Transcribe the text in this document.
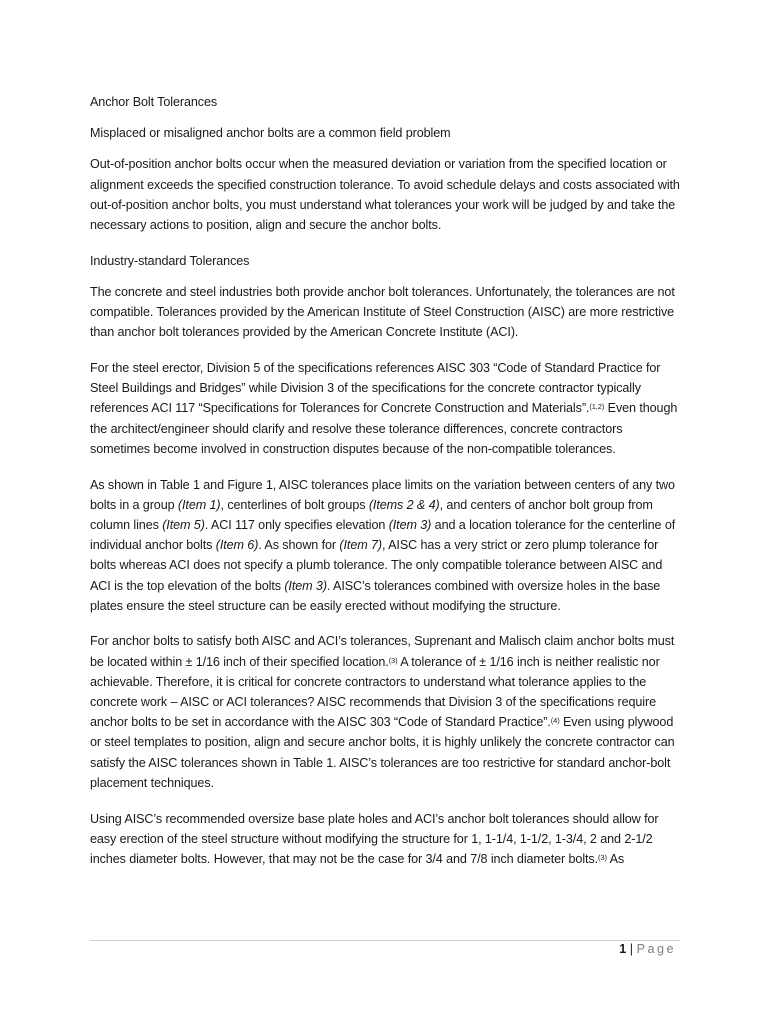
Anchor Bolt Tolerances

Misplaced or misaligned anchor bolts are a common field problem

Out-of-position anchor bolts occur when the measured deviation or variation from the specified location or alignment exceeds the specified construction tolerance. To avoid schedule delays and costs associated with out-of-position anchor bolts, you must understand what tolerances your work will be judged by and take the necessary actions to position, align and secure the anchor bolts.

Industry-standard Tolerances

The concrete and steel industries both provide anchor bolt tolerances. Unfortunately, the tolerances are not compatible. Tolerances provided by the American Institute of Steel Construction (AISC) are more restrictive than anchor bolt tolerances provided by the American Concrete Institute (ACI).

For the steel erector, Division 5 of the specifications references AISC 303 “Code of Standard Practice for Steel Buildings and Bridges” while Division 3 of the specifications for the concrete contractor typically references ACI 117 “Specifications for Tolerances for Concrete Construction and Materials”.$^{(1,2)}$ Even though the architect/engineer should clarify and resolve these tolerance differences, concrete contractors sometimes become involved in construction disputes because of the non-compatible tolerances.

As shown in Table 1 and Figure 1, AISC tolerances place limits on the variation between centers of any two bolts in a group (Item 1), centerlines of bolt groups (Items 2 & 4), and centers of anchor bolt group from column lines (Item 5). ACI 117 only specifies elevation (Item 3) and a location tolerance for the centerline of individual anchor bolts (Item 6). As shown for (Item 7), AISC has a very strict or zero plump tolerance for bolts whereas ACI does not specify a plumb tolerance. The only compatible tolerance between AISC and ACI is the top elevation of the bolts (Item 3). AISC’s tolerances combined with oversize holes in the base plates ensure the steel structure can be easily erected without modifying the structure.

For anchor bolts to satisfy both AISC and ACI’s tolerances, Suprenant and Malisch claim anchor bolts must be located within ± 1/16 inch of their specified location.$^{(3)}$ A tolerance of ± 1/16 inch is neither realistic nor achievable. Therefore, it is critical for concrete contractors to understand what tolerance applies to the concrete work – AISC or ACI tolerances? AISC recommends that Division 3 of the specifications require anchor bolts to be set in accordance with the AISC 303 “Code of Standard Practice”.$^{(4)}$ Even using plywood or steel templates to position, align and secure anchor bolts, it is highly unlikely the concrete contractor can satisfy the AISC tolerances shown in Table 1. AISC’s tolerances are too restrictive for standard anchor-bolt placement techniques.

Using AISC’s recommended oversize base plate holes and ACI’s anchor bolt tolerances should allow for easy erection of the steel structure without modifying the structure for 1, 1-1/4, 1-1/2, 1-3/4, 2 and 2-1/2 inches diameter bolts. However, that may not be the case for 3/4 and 7/8 inch diameter bolts.$^{(3)}$ As

1 | Page
